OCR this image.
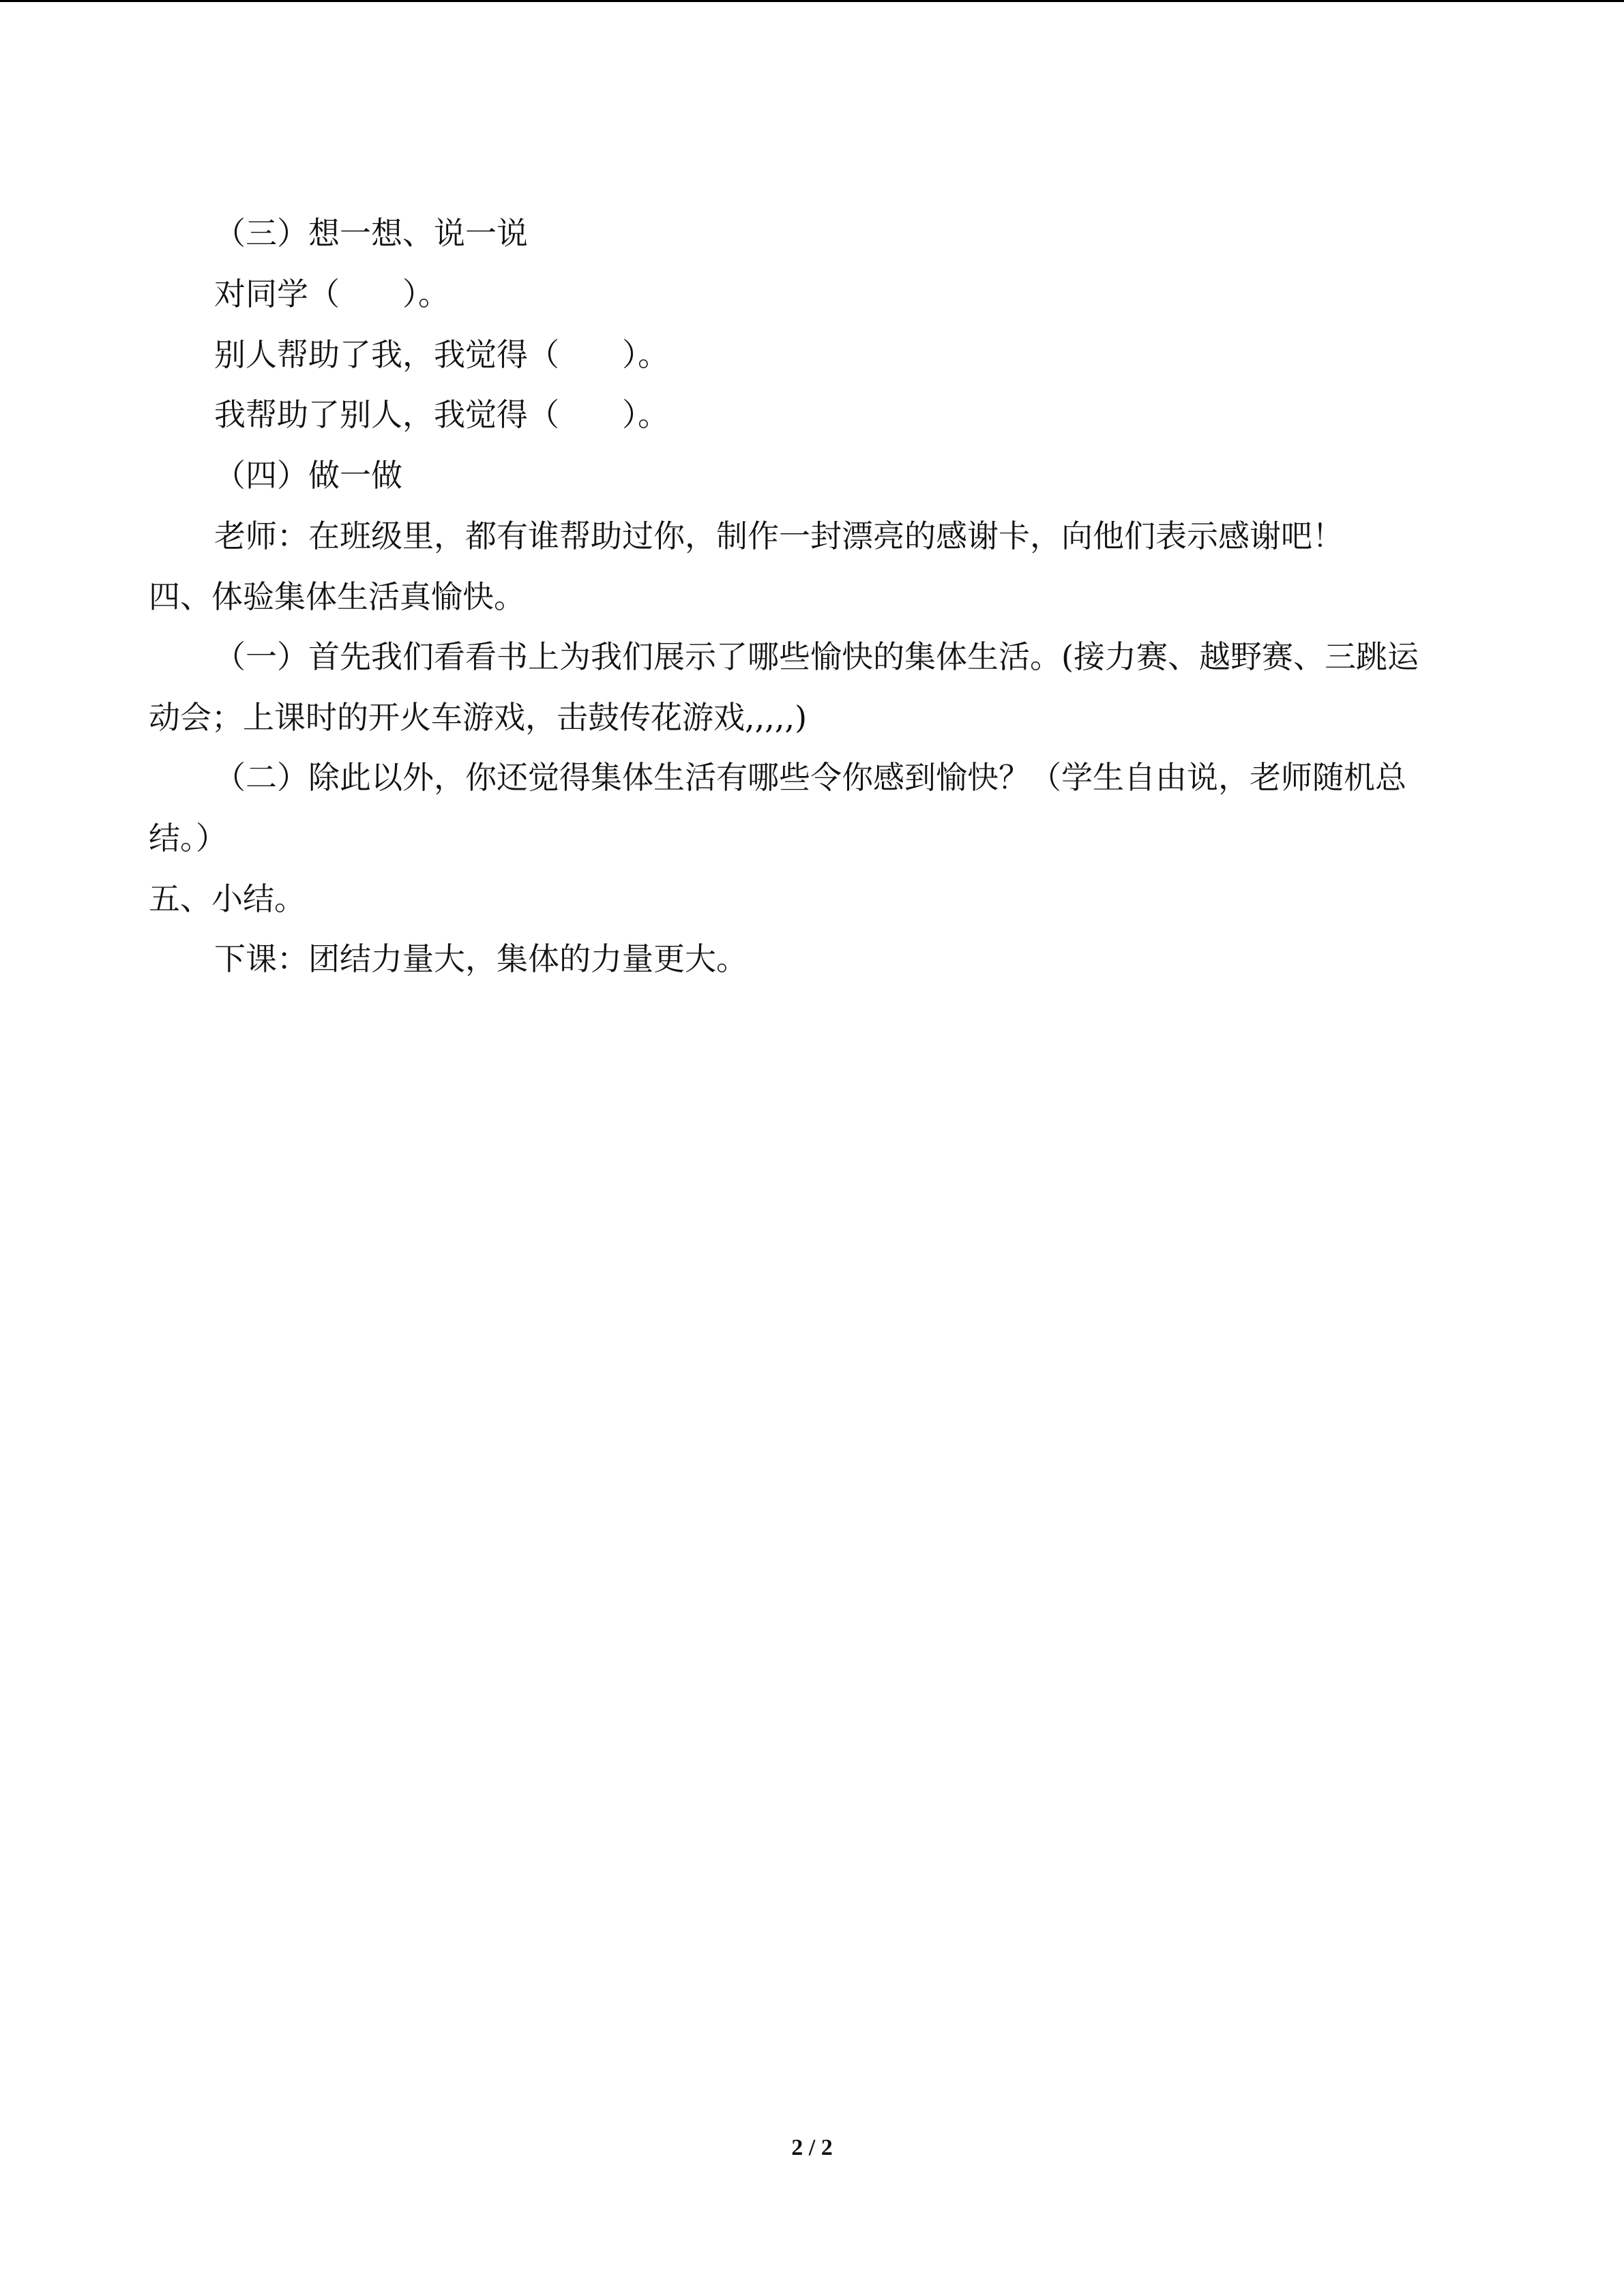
（三）想一想、说一说
对同学（　　）。
别人帮助了我，我觉得（　　）。
我帮助了别人，我觉得（　　）。
（四）做一做
老师：在班级里，都有谁帮助过你，制作一封漂亮的感谢卡，向他们表示感谢吧！
四、体验集体生活真愉快。
（一）首先我们看看书上为我们展示了哪些愉快的集体生活。(接力赛、越野赛、三跳运
动会；上课时的开火车游戏，击鼓传花游戏,,,,,)
（二）除此以外，你还觉得集体生活有哪些令你感到愉快？（学生自由说，老师随机总
结。）
五、小结。
下课：团结力量大，集体的力量更大。
2 / 2
